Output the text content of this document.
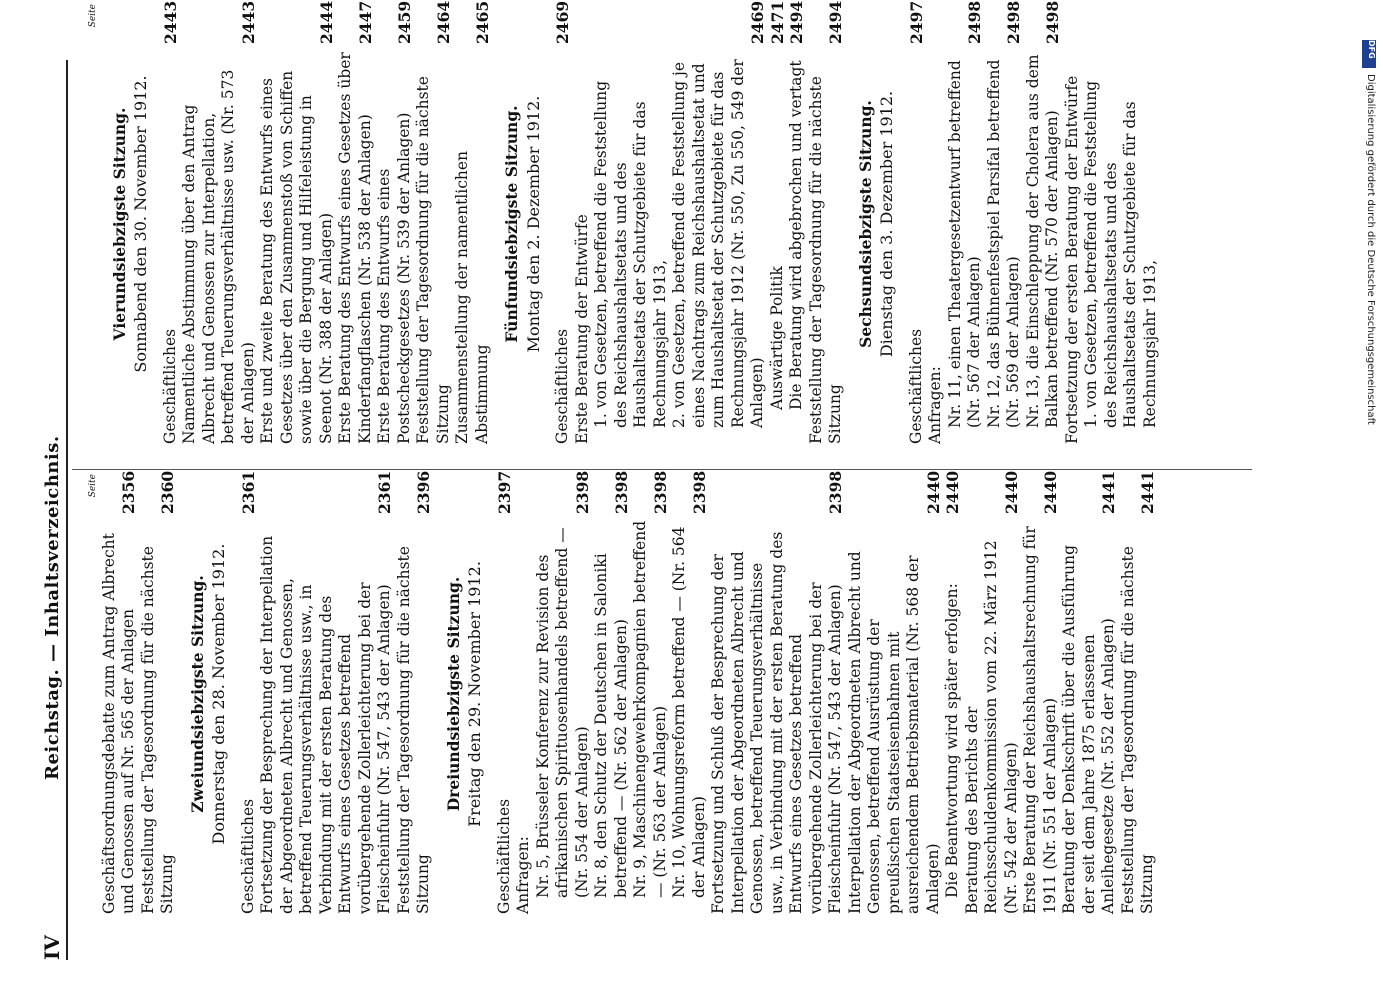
IV
Reichstag. — Inhaltsverzeichnis.	Seite
Geschäftsordnungsdebatte zum Antrag Albrecht und Genossen auf Nr. 565 der Anlagen
2356
Feststellung der Tagesordnung für die nächste Sitzung
2360
Zweiundsiebzigste Sitzung. Donnerstag den 28. November 1912.
Geschäftliches
2361
Fortsetzung der Besprechung der Interpellation der Abgeordneten Albrecht und Genossen, betreffend Teuerungsverhältnisse usw., in Verbindung mit der ersten Beratung des Entwurfs eines Gesetzes betreffend vorübergehende Zollerleichterung bei der Fleischeinfuhr (Nr. 547, 543 der Anlagen)
2361
Feststellung der Tagesordnung für die nächste Sitzung
2396
Dreiundsiebzigste Sitzung. Freitag den 29. November 1912.
Geschäftliches
2397
Anfragen: Nr. 5, Brüsseler Konferenz zur Revision des afrikanischen Spirituosenhandels betreffend — (Nr. 554 der Anlagen)
2398
Nr. 8, den Schutz der Deutschen in Saloniki betreffend — (Nr. 562 der Anlagen)
2398
Nr. 9, Maschinengewehrkompagnien betreffend — (Nr. 563 der Anlagen)
2398
Nr. 10, Wohnungsreform betreffend — (Nr. 564 der Anlagen)
2398
Fortsetzung und Schluß der Besprechung der Interpellation der Abgeordneten Albrecht und Genossen, betreffend Teuerungsverhältnisse usw., in Verbindung mit der ersten Beratung des Entwurfs eines Gesetzes betreffend vorübergehende Zollerleichterung bei der Fleischeinfuhr (Nr. 547, 543 der Anlagen)
2398
Interpellation der Abgeordneten Albrecht und Genossen, betreffend Ausrüstung der preußischen Staatseisenbahnen mit ausreichendem Betriebsmaterial (Nr. 568 der Anlagen)
2440
Die Beantwortung wird später erfolgen:
2440
Beratung des Berichts der Reichsschuldenkommission vom 22. März 1912 (Nr. 542 der Anlagen)
2440
Erste Beratung der Reichshaushaltsrechnung für 1911 (Nr. 551 der Anlagen)
2440
Beratung der Denkschrift über die Ausführung der seit dem Jahre 1875 erlassenen Anleihegesetze (Nr. 552 der Anlagen)
2441
Feststellung der Tagesordnung für die nächste Sitzung
2441
Seite
Vierundsiebzigste Sitzung. Sonnabend den 30. November 1912.
Geschäftliches
2443
Namentliche Abstimmung über den Antrag Albrecht und Genossen zur Interpellation, betreffend Teuerungsverhältnisse usw. (Nr. 573 der Anlagen)
2443
Erste und zweite Beratung des Entwurfs eines Gesetzes über den Zusammenstoß von Schiffen sowie über die Bergung und Hilfeleistung in Seenot (Nr. 388 der Anlagen)
2444
Erste Beratung des Entwurfs eines Gesetzes über Kinderfangflaschen (Nr. 538 der Anlagen)
2447
Erste Beratung des Entwurfs eines Postscheckgesetzes (Nr. 539 der Anlagen)
2459
Feststellung der Tagesordnung für die nächste Sitzung
2464
Zusammenstellung der namentlichen Abstimmung
2465
Fünfundsiebzigste Sitzung. Montag den 2. Dezember 1912.
Geschäftliches
2469
Erste Beratung der Entwürfe 1. von Gesetzen, betreffend die Feststellung des Reichshaushaltsetats und des Haushaltsetats der Schutzgebiete für das Rechnungsjahr 1913, 2. von Gesetzen, betreffend die Feststellung je eines Nachtrags zum Reichshaushaltsetat und zum Haushaltsetat der Schutzgebiete für das Rechnungsjahr 1912 (Nr. 550, Zu 550, 549 der Anlagen)
2469
Auswärtige Politik
2471
Die Beratung wird abgebrochen und vertagt
2494
Feststellung der Tagesordnung für die nächste Sitzung
2494
Sechsundsiebzigste Sitzung. Dienstag den 3. Dezember 1912.
Geschäftliches
2497
Anfragen: Nr. 11, einen Theatergesetzentwurf betreffend (Nr. 567 der Anlagen)
2498
Nr. 12, das Bühnenfestspiel Parsifal betreffend (Nr. 569 der Anlagen)
2498
Nr. 13, die Einschleppung der Cholera aus dem Balkan betreffend (Nr. 570 der Anlagen)
2498
Fortsetzung der ersten Beratung der Entwürfe 1. von Gesetzen, betreffend die Feststellung des Reichshaushaltsetats und des Haushaltsetats der Schutzgebiete für das Rechnungsjahr 1913,
DFG
Digitalisierung gefördert durch die Deutsche Forschungsgemeinschaft
